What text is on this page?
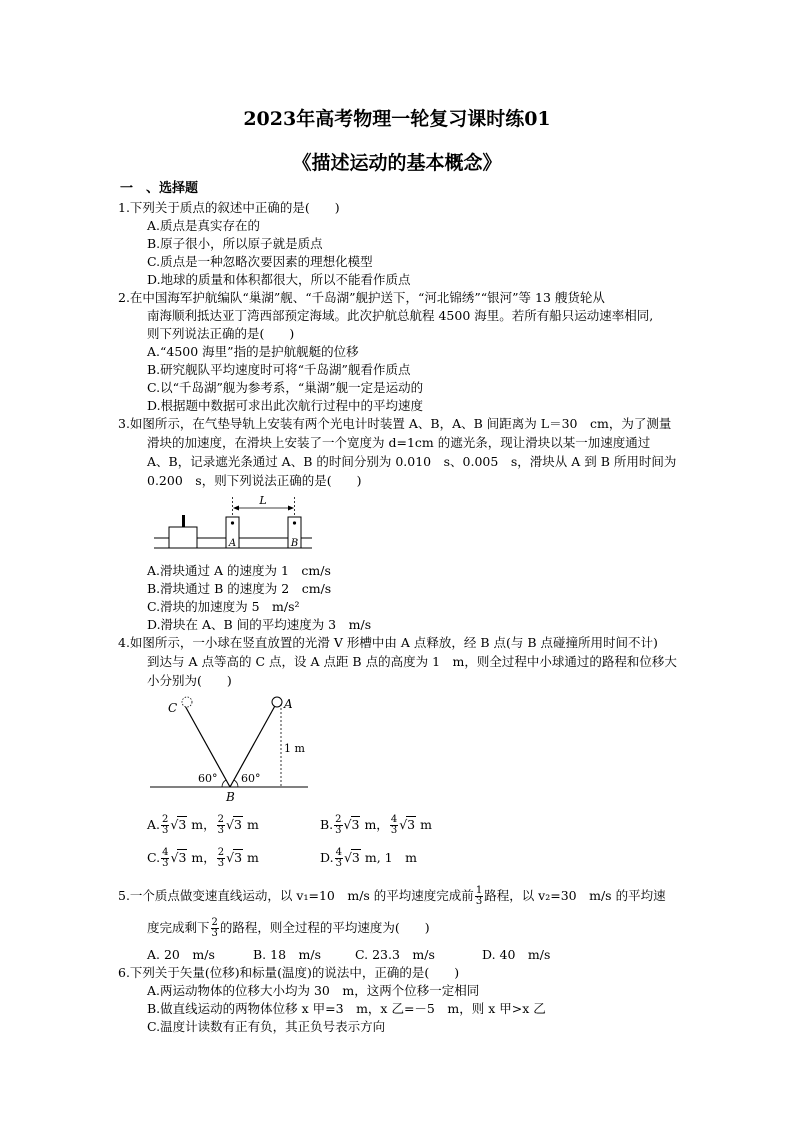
2023年高考物理一轮复习课时练01
《描述运动的基本概念》
一　、选择题
1.下列关于质点的叙述中正确的是(　　)
A.质点是真实存在的
B.原子很小，所以原子就是质点
C.质点是一种忽略次要因素的理想化模型
D.地球的质量和体积都很大，所以不能看作质点
2.在中国海军护航编队“巢湖”舰、“千岛湖”舰护送下，“河北锦绣”“银河”等 13 艘货轮从
南海顺利抵达亚丁湾西部预定海域。此次护航总航程 4500 海里。若所有船只运动速率相同,
则下列说法正确的是(　　)
A.“4500 海里”指的是护航舰艇的位移
B.研究舰队平均速度时可将“千岛湖”舰看作质点
C.以“千岛湖”舰为参考系，“巢湖”舰一定是运动的
D.根据题中数据可求出此次航行过程中的平均速度
3.如图所示，在气垫导轨上安装有两个光电计时装置 A、B，A、B 间距离为 L＝30　cm，为了测量
滑块的加速度，在滑块上安装了一个宽度为 d=1cm 的遮光条，现让滑块以某一加速度通过
A、B，记录遮光条通过 A、B 的时间分别为 0.010　s、0.005　s，滑块从 A 到 B 所用时间为
0.200　s，则下列说法正确的是(　　)
L
A	B
A.滑块通过 A 的速度为 1　cm/s
B.滑块通过 B 的速度为 2　cm/s
C.滑块的加速度为 5　m/s²
D.滑块在 A、B 间的平均速度为 3　m/s
4.如图所示，一小球在竖直放置的光滑 V 形槽中由 A 点释放，经 B 点(与 B 点碰撞所用时间不计)
到达与 A 点等高的 C 点，设 A 点距 B 点的高度为 1　m，则全过程中小球通过的路程和位移大
小分别为(　　)
C	A
B
1 m
60° 60°
A. $\frac{2}{3} √3$ m， $\frac{2}{3} √3$ m	B. $\frac{2}{3} √3$ m， $\frac{4}{3} √3$ m
C. $\frac{4}{3} √3$ m， $\frac{2}{3} √3$ m	D. $\frac{4}{3} √3$ m, 1　m
5.一个质点做变速直线运动，以 v₁=10　m/s 的平均速度完成前 $\frac{1}{3}$ 路程，以 v₂=30　m/s 的平均速
度完成剩下 $\frac{2}{3}$ 的路程，则全过程的平均速度为(　　)
A. 20　m/s	B. 18　m/s	C. 23.3　m/s	D. 40　m/s
6.下列关于矢量(位移)和标量(温度)的说法中，正确的是(　　)
A.两运动物体的位移大小均为 30　m，这两个位移一定相同
B.做直线运动的两物体位移 x 甲=3　m，x 乙=－5　m，则 x 甲>x 乙
C.温度计读数有正有负，其正负号表示方向
